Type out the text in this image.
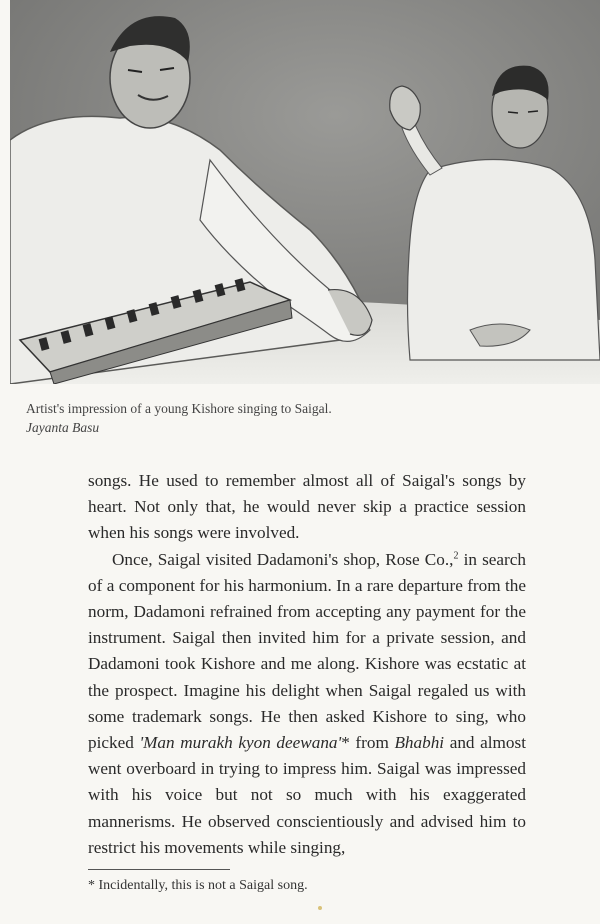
Artist's impression of a young Kishore singing to Saigal.
Jayanta Basu

songs. He used to remember almost all of Saigal's songs by heart. Not only that, he would never skip a practice session when his songs were involved.

Once, Saigal visited Dadamoni's shop, Rose Co.,$^2$ in search of a component for his harmonium. In a rare departure from the norm, Dadamoni refrained from accepting any payment for the instrument. Saigal then invited him for a private session, and Dadamoni took Kishore and me along. Kishore was ecstatic at the prospect. Imagine his delight when Saigal regaled us with some trademark songs. He then asked Kishore to sing, who picked 'Man murakh kyon deewana'* from Bhabhi and almost went overboard in trying to impress him. Saigal was impressed with his voice but not so much with his exaggerated mannerisms. He observed conscientiously and advised him to restrict his movements while singing,

* Incidentally, this is not a Saigal song.
